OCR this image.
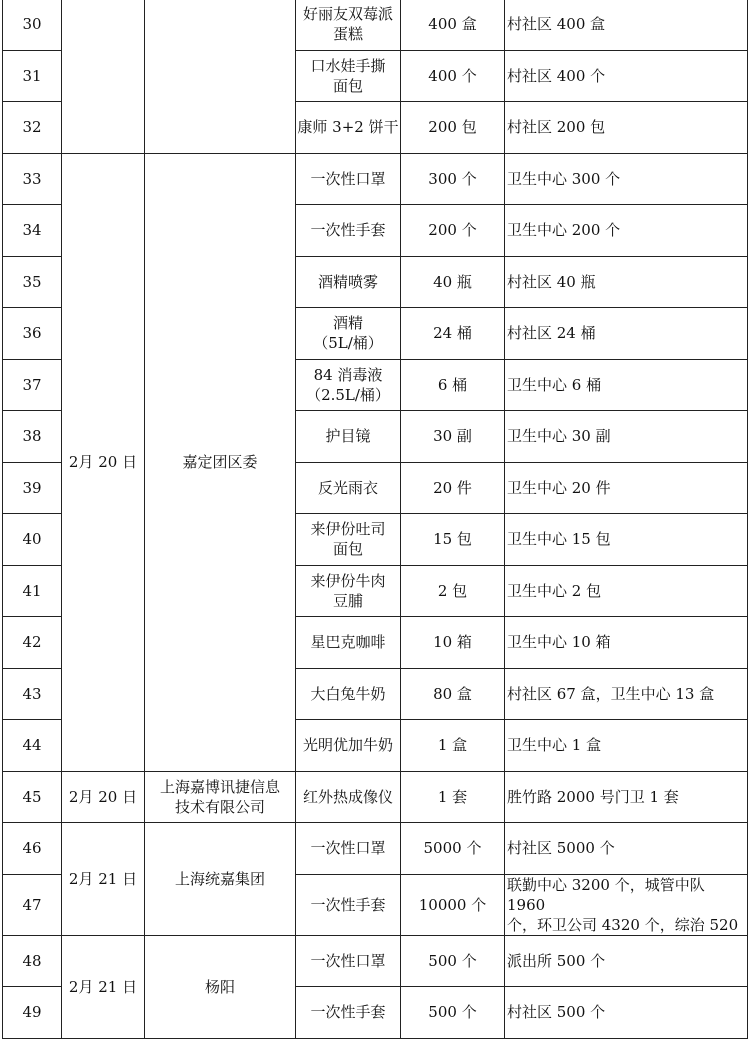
30			好丽友双莓派
蛋糕	400 盒	村社区 400 盒
31			口水娃手撕
面包	400 个	村社区 400 个
32			康师 3+2 饼干	200 包	村社区 200 包
33	2月 20 日	嘉定团区委	一次性口罩	300 个	卫生中心 300 个
34			一次性手套	200 个	卫生中心 200 个
35			酒精喷雾	40 瓶	村社区 40 瓶
36			酒精
（5L/桶）	24 桶	村社区 24 桶
37			84 消毒液
（2.5L/桶）	6 桶	卫生中心 6 桶
38			护目镜	30 副	卫生中心 30 副
39			反光雨衣	20 件	卫生中心 20 件
40			来伊份吐司
面包	15 包	卫生中心 15 包
41			来伊份牛肉
豆脯	2 包	卫生中心 2 包
42			星巴克咖啡	10 箱	卫生中心 10 箱
43			大白兔牛奶	80 盒	村社区 67 盒，卫生中心 13 盒
44			光明优加牛奶	1 盒	卫生中心 1 盒
45	2月 20 日	上海嘉博讯捷信息
技术有限公司	红外热成像仪	1 套	胜竹路 2000 号门卫 1 套
46	2月 21 日	上海统嘉集团	一次性口罩	5000 个	村社区 5000 个
47			一次性手套	10000 个	联勤中心 3200 个，城管中队 1960
个，环卫公司 4320 个，综治 520

48	2月 21 日	杨阳	一次性口罩	500 个	派出所 500 个
49			一次性手套	500 个	村社区 500 个
